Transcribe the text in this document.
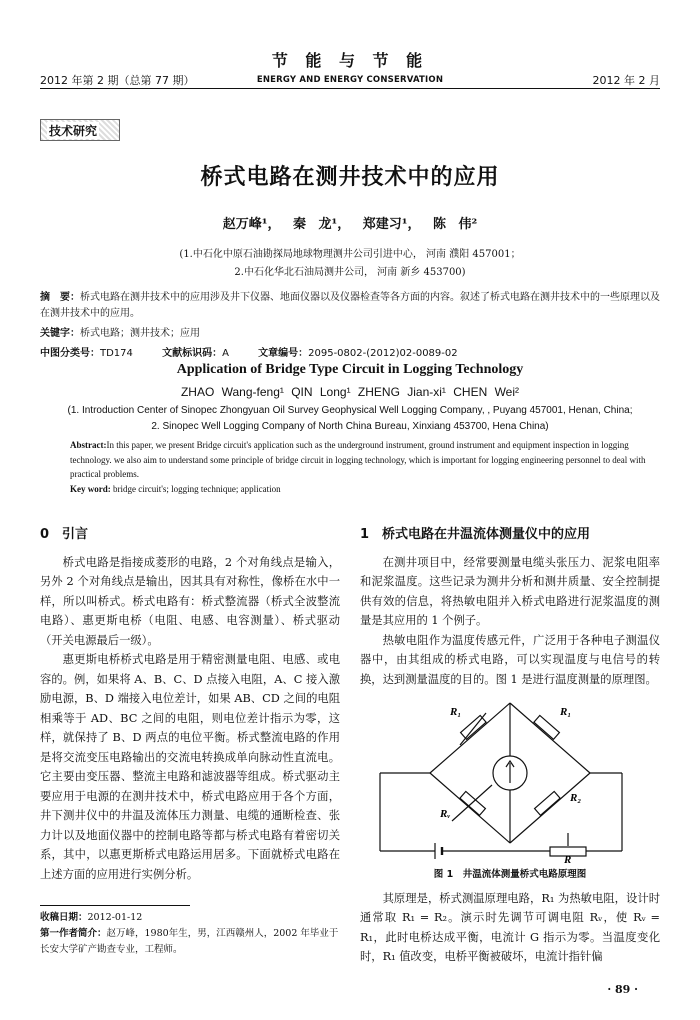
2012 年第 2 期（总第 77 期）
节 能 与 节 能
ENERGY AND ENERGY CONSERVATION	2012 年 2 月
技术研究
桥式电路在测井技术中的应用
赵万峰¹， 秦 龙¹， 郑建习¹， 陈 伟²
(1.中石化中原石油勘探局地球物理测井公司引进中心， 河南 濮阳 457001；
2.中石化华北石油局测井公司， 河南 新乡 453700)
摘　要：桥式电路在测井技术中的应用涉及井下仪器、地面仪器以及仪器检查等各方面的内容。叙述了桥式电路在测井技术中的一些原理以及在测井技术中的应用。
关键字：桥式电路；测井技术；应用
中图分类号：TD174	文献标识码：A	文章编号：2095-0802-(2012)02-0089-02
Application of Bridge Type Circuit in Logging Technology
ZHAO Wang-feng¹ QIN Long¹ ZHENG Jian-xi¹ CHEN Wei²
(1. Introduction Center of Sinopec Zhongyuan Oil Survey Geophysical Well Logging Company, , Puyang 457001, Henan, China;
2. Sinopec Well Logging Company of North China Bureau, Xinxiang 453700, Hena China)
Abstract:In this paper, we present Bridge circuit's application such as the underground instrument, ground instrument and equipment inspection in logging technology. we also aim to understand some principle of bridge circuit in logging technology, which is important for logging engineering personnel to deal with practical problems.
Key word: bridge circuit's; logging technique; application
0　引言

桥式电路是指接成菱形的电路，2 个对角线点是输入，另外 2 个对角线点是输出，因其具有对称性，像桥在水中一样，所以叫桥式。桥式电路有：桥式整流器（桥式全波整流电路）、惠更斯电桥（电阻、电感、电容测量）、桥式驱动（开关电源最后一级）。

惠更斯电桥桥式电路是用于精密测量电阻、电感、或电容的。例，如果将 A、B、C、D 点接入电阻，A、C 接入激励电源，B、D 端接入电位差计，如果 AB、CD 之间的电阻相乘等于 AD、BC 之间的电阻，则电位差计指示为零，这样，就保持了 B、D 两点的电位平衡。桥式整流电路的作用是将交流变压电路输出的交流电转换成单向脉动性直流电。它主要由变压器、整流主电路和滤波器等组成。桥式驱动主要应用于电源的在测井技术中，桥式电路应用于各个方面，井下测井仪中的井温及流体压力测量、电缆的通断检查、张力计以及地面仪器中的控制电路等都与桥式电路有着密切关系，其中，以惠更斯桥式电路运用居多。下面就桥式电路在上述方面的应用进行实例分析。

1　桥式电路在井温流体测量仪中的应用

在测井项目中，经常要测量电缆头张压力、泥浆电阻率和泥浆温度。这些记录为测井分析和测井质量、安全控制提供有效的信息，将热敏电阻并入桥式电路进行泥浆温度的测量是其应用的 1 个例子。

热敏电阻作为温度传感元件，广泛用于各种电子测温仪器中，由其组成的桥式电路，可以实现温度与电信号的转换，达到测量温度的目的。图 1 是进行温度测量的原理图。

R₁	R₁
Rᵥ
R₂
R
图 1　井温流体测量桥式电路原理图

其原理是，桥式测温原理电路，R₁ 为热敏电阻，设计时通常取 R₁ = R₂。演示时先调节可调电阻 Rᵥ，使 Rᵥ = R₁，此时电桥达成平衡，电流计 G 指示为零。当温度变化时，R₁ 值改变，电桥平衡被破坏，电流计指针偏

收稿日期：2012-01-12
第一作者简介：赵万峰，1980年生，男，江西赣州人，2002 年毕业于长安大学矿产勘查专业，工程师。
· 89 ·
